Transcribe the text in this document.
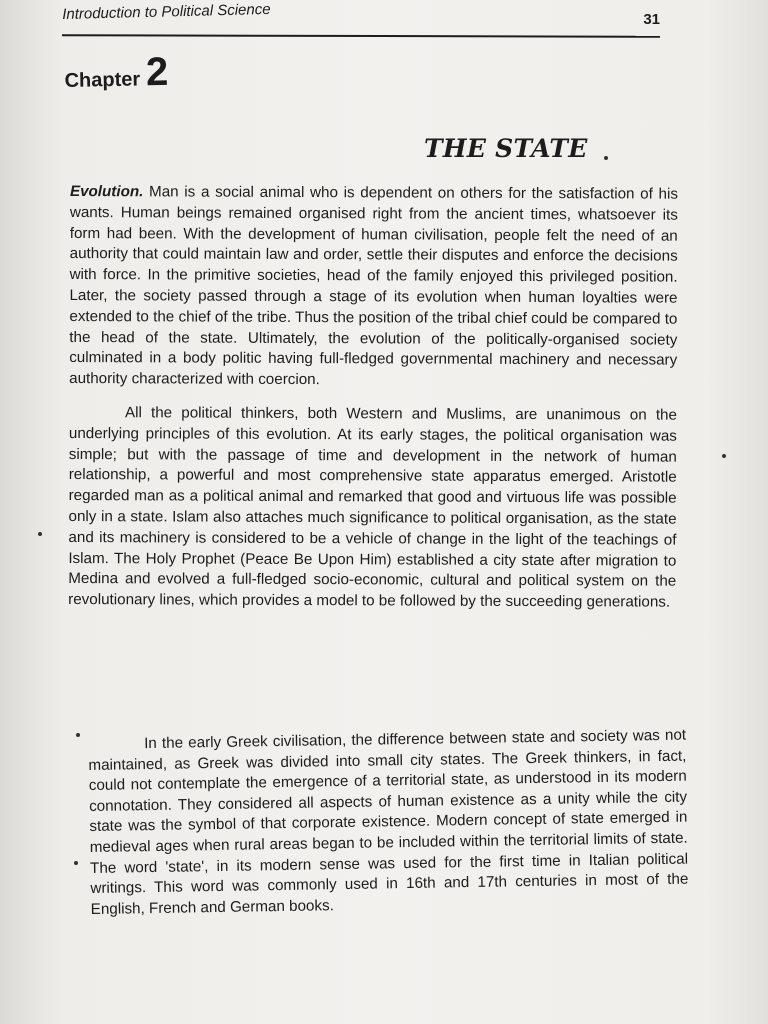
Introduction to Political Science	31
Chapter 2
THE STATE

Evolution. Man is a social animal who is dependent on others for the satisfaction of his wants. Human beings remained organised right from the ancient times, whatsoever its form had been. With the development of human civilisation, people felt the need of an authority that could maintain law and order, settle their disputes and enforce the decisions with force. In the primitive societies, head of the family enjoyed this privileged position. Later, the society passed through a stage of its evolution when human loyalties were extended to the chief of the tribe. Thus the position of the tribal chief could be compared to the head of the state. Ultimately, the evolution of the politically-organised society culminated in a body politic having full-fledged governmental machinery and necessary authority characterized with coercion.

All the political thinkers, both Western and Muslims, are unanimous on the underlying principles of this evolution. At its early stages, the political organisation was simple; but with the passage of time and development in the network of human relationship, a powerful and most comprehensive state apparatus emerged. Aristotle regarded man as a political animal and remarked that good and virtuous life was possible only in a state. Islam also attaches much significance to political organisation, as the state and its machinery is considered to be a vehicle of change in the light of the teachings of Islam. The Holy Prophet (Peace Be Upon Him) established a city state after migration to Medina and evolved a full-fledged socio-economic, cultural and political system on the revolutionary lines, which provides a model to be followed by the succeeding generations.

In the early Greek civilisation, the difference between state and society was not maintained, as Greek was divided into small city states. The Greek thinkers, in fact, could not contemplate the emergence of a territorial state, as understood in its modern connotation. They considered all aspects of human existence as a unity while the city state was the symbol of that corporate existence. Modern concept of state emerged in medieval ages when rural areas began to be included within the territorial limits of state. The word 'state', in its modern sense was used for the first time in Italian political writings. This word was commonly used in 16th and 17th centuries in most of the English, French and German books.
